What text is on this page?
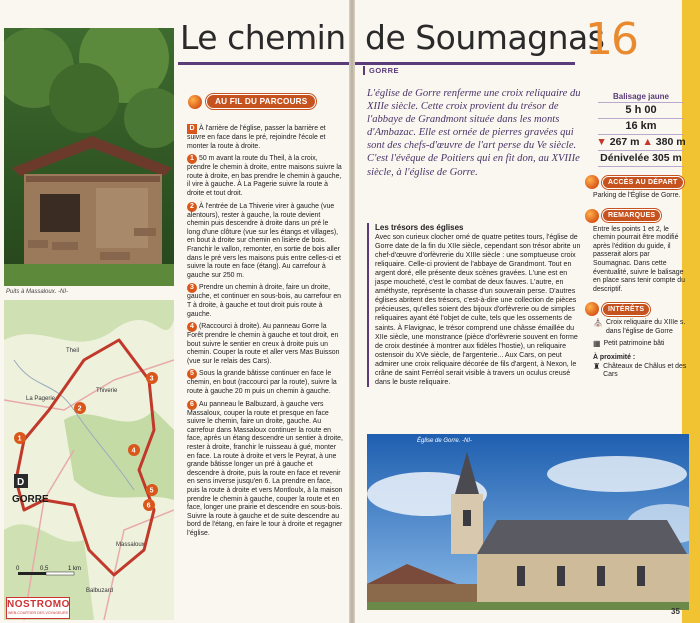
Le chemin
Puits à Massaloux. -NI-
1
2
3
4
5
6
D
GORRE
Theil
Thiverie
La Pagerie
Massaloux
Balbuzard
0	0,5	1 km
NOSTROMO
WEB-COURTIER DES VOYAGEURS
AU FIL DU PARCOURS
D À l'arrière de l'église, passer la barrière et suivre en face dans le pré, rejoindre l'école et monter la route à droite.
1 50 m avant la route du Theil, à la croix, prendre le chemin à droite, entre maisons suivre la route à droite, en bas prendre le chemin à gauche, il vire à gauche. À La Pagerie suivre la route à droite et tout droit.
2 À l'entrée de La Thiverie virer à gauche (vue alentours), rester à gauche, la route devient chemin puis descendre à droite dans un pré le long d'une clôture (vue sur les étangs et villages), en bout à droite sur chemin en lisière de bois. Franchir le vallon, remonter, en sortie de bois aller dans le pré vers les maisons puis entre celles-ci et suivre la route en face (étang). Au carrefour à gauche sur 250 m.
3 Prendre un chemin à droite, faire un droite, gauche, et continuer en sous-bois, au carrefour en T à droite, à gauche et tout droit puis route à gauche.
4 (Raccourci à droite). Au panneau Gorre la Forêt prendre le chemin à gauche et tout droit, en bout suivre le sentier en creux à droite puis un chemin. Couper la route et aller vers Mas Buisson (vue sur le relais des Cars).
5 Sous la grande bâtisse continuer en face le chemin, en bout (raccourci par la route), suivre la route à gauche 20 m puis un chemin à gauche.
6 Au panneau le Balbuzard, à gauche vers Massaloux, couper la route et presque en face suivre le chemin, faire un droite, gauche. Au carrefour dans Massaloux continuer la route en face, après un étang descendre un sentier à droite, rester à droite, franchir le ruisseau à gué, monter en face. La route à droite et vers le Peyrat, à une grande bâtisse longer un pré à gauche et descendre à droite, puis la route en face et revenir en sens inverse jusqu'en 6. La prendre en face, puis la route à droite et vers Montloulx, à la maison prendre le chemin à gauche, couper la route et en face, longer une prairie et descendre en sous-bois. Suivre la route à gauche et de suite descendre au bord de l'étang, en faire le tour à droite et regagner l'église.
de Soumagnas
16
GORRE
L'église de Gorre renferme une croix reliquaire du XIIIe siècle. Cette croix provient du trésor de l'abbaye de Grandmont située dans les monts d'Ambazac. Elle est ornée de pierres gravées qui sont des chefs-d'œuvre de l'art perse du Ve siècle. C'est l'évêque de Poitiers qui en fit don, au XVIIIe siècle, à l'église de Gorre.
Les trésors des églises

Avec son curieux clocher orné de quatre petites tours, l'église de Gorre date de la fin du XIIe siècle, cependant son trésor abrite un chef-d'œuvre d'orfèvrerie du XIIIe siècle : une somptueuse croix reliquaire. Celle-ci provient de l'abbaye de Grandmont. Tout en argent doré, elle présente deux scènes gravées. L'une est en jaspe moucheté, c'est le combat de deux fauves. L'autre, en améthyste, représente la chasse d'un souverain perse. D'autres églises abritent des trésors, c'est-à-dire une collection de pièces précieuses, qu'elles soient des bijoux d'orfèvrerie ou de simples reliquaires ayant été l'objet de culte, tels que les ossements de saints. À Flavignac, le trésor comprend une châsse émaillée du XIIe siècle, une monstrance (pièce d'orfèvrerie souvent en forme de croix destinée à montrer aux fidèles l'hostie), un reliquaire ostensoir du XVe siècle, de l'argenterie... Aux Cars, on peut admirer une croix reliquaire décorée de fils d'argent, à Nexon, le crâne de saint Ferréol serait visible à travers un oculus creusé dans le buste reliquaire.

Balisage jaune
5 h 00
16 km
▼ 267 m ▲ 380 m
Dénivelée 305 m
ACCÈS AU DÉPART
Parking de l'Église de Gorre.
REMARQUES
Entre les points 1 et 2, le chemin pourrait être modifié après l'édition du guide, il passerait alors par Soumagnac. Dans cette éventualité, suivre le balisage en place sans tenir compte du descriptif.
INTÉRÊTS
⛪ Croix reliquaire du XIIIe s. dans l'église de Gorre
▦ Petit patrimoine bâti
À proximité :
♜ Châteaux de Châlus et des Cars
Église de Gorre. -NI-
35
